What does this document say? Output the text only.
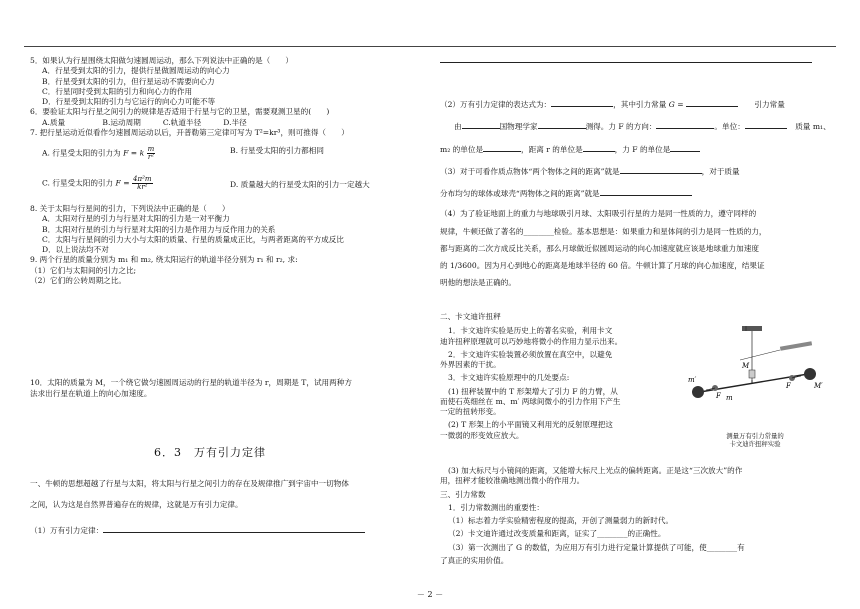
5．如果认为行星围绕太阳做匀速圆周运动，那么下列说法中正确的是（　　）

A．行星受到太阳的引力，提供行星做圆周运动的向心力

B．行星受到太阳的引力，但行星运动不需要向心力

C．行星同时受到太阳的引力和向心力的作用

D．行星受到太阳的引力与它运行的向心力可能不等

6．要验证太阳与行星之间引力的规律是否适用于行星与它的卫星，需要观测卫星的(　　)

A.质量	B.运动周期	C.轨道半径	D.半径

7. 把行星运动近似看作匀速圆周运动以后，开普勒第三定律可写为 T²=kr³，则可推得（　　）

A. 行星受太阳的引力为 F = k $\frac{m}{\text{r²}}$	B. 行星受太阳的引力都相同
C. 行星受太阳的引力 $F = \frac{\text{4π²m}}{\text{kr²}}$	D. 质量越大的行星受太阳的引力一定越大

8. 关于太阳与行星间的引力，下列说法中正确的是（　　）

A．太阳对行星的引力与行星对太阳的引力是一对平衡力

B．太阳对行星的引力与行星对太阳的引力是作用力与反作用力的关系

C．太阳与行星间的引力大小与太阳的质量、行星的质量成正比，与两者距离的平方成反比

D．以上说法均不对

9. 两个行星的质量分别为 m₁ 和 m₂, 绕太阳运行的轨道半径分别为 r₁ 和 r₂, 求:

（1）它们与太阳间的引力之比;

（2）它们的公转周期之比。

10．太阳的质量为 M，一个绕它做匀速圆周运动的行星的轨道半径为 r，周期是 T，试用两种方

法求出行星在轨道上的向心加速度。

6．3　万有引力定律

一、牛顿的思想超越了行星与太阳，将太阳与行星之间引力的存在及规律推广到宇宙中一切物体

之间，认为这是自然界普遍存在的规律，这就是万有引力定律。

（1）万有引力定律：

（2）万有引力定律的表达式为：	，其中引力常量 G =	引力常量

由	国物理学家	测得。力 F 的方向：	。单位：	质量 m₁、

m₂ 的单位是	，距离 r 的单位是	，力 F 的单位是

（3）对于可看作质点物体“两个物体之间的距离”就是	，对于质量

分布均匀的球体或球壳“两物体之间的距离”就是

（4）为了验证地面上的重力与地球吸引月球、太阳吸引行星的力是同一性质的力，遵守同样的

规律，牛顿还做了著名的________检验。基本思想是：如果重力和星体间的引力是同一性质的力，

都与距离的二次方成反比关系，那么月球做近似圆周运动的向心加速度就应该是地球重力加速度

的 1/3600。因为月心到地心的距离是地球半径的 60 倍。牛顿计算了月球的向心加速度，结果证

明他的想法是正确的。

二、卡文迪许扭秤

1．卡文迪许实验是历史上的著名实验，利用卡文

迪许扭秤原理就可以巧妙地将微小的作用力显示出来。

2．卡文迪许实验装置必须放置在真空中，以避免

外界因素的干扰。

3．卡文迪许实验原理中的几处要点:

(1) 扭秤装置中的 T 形架增大了引力 F 的力臂，从

而使石英细丝在 m、m′ 两球间微小的引力作用下产生

一定的扭转形变。

(2) T 形架上的小平面镜又利用光的反射原理把这

一微弱的形变效应放大。

(3) 加大标尺与小镜间的距离，又能增大标尺上光点的偏转距离。正是这“三次放大”的作

用，扭秤才能较准确地测出微小的作用力。

三、引力常数

1．引力常数测出的重要性：

（1）标志着力学实验精密程度的提高，开创了测量弱力的新时代。

（2）卡文迪许通过改变质量和距离，证实了________的正确性。

（3）第一次测出了 G 的数值，为应用万有引力进行定量计算提供了可能，使________有

了真正的实用价值。

m′
F
M
m
F	M′
测量万有引力常量的
卡文迪许扭秤实验
－ 2 －
